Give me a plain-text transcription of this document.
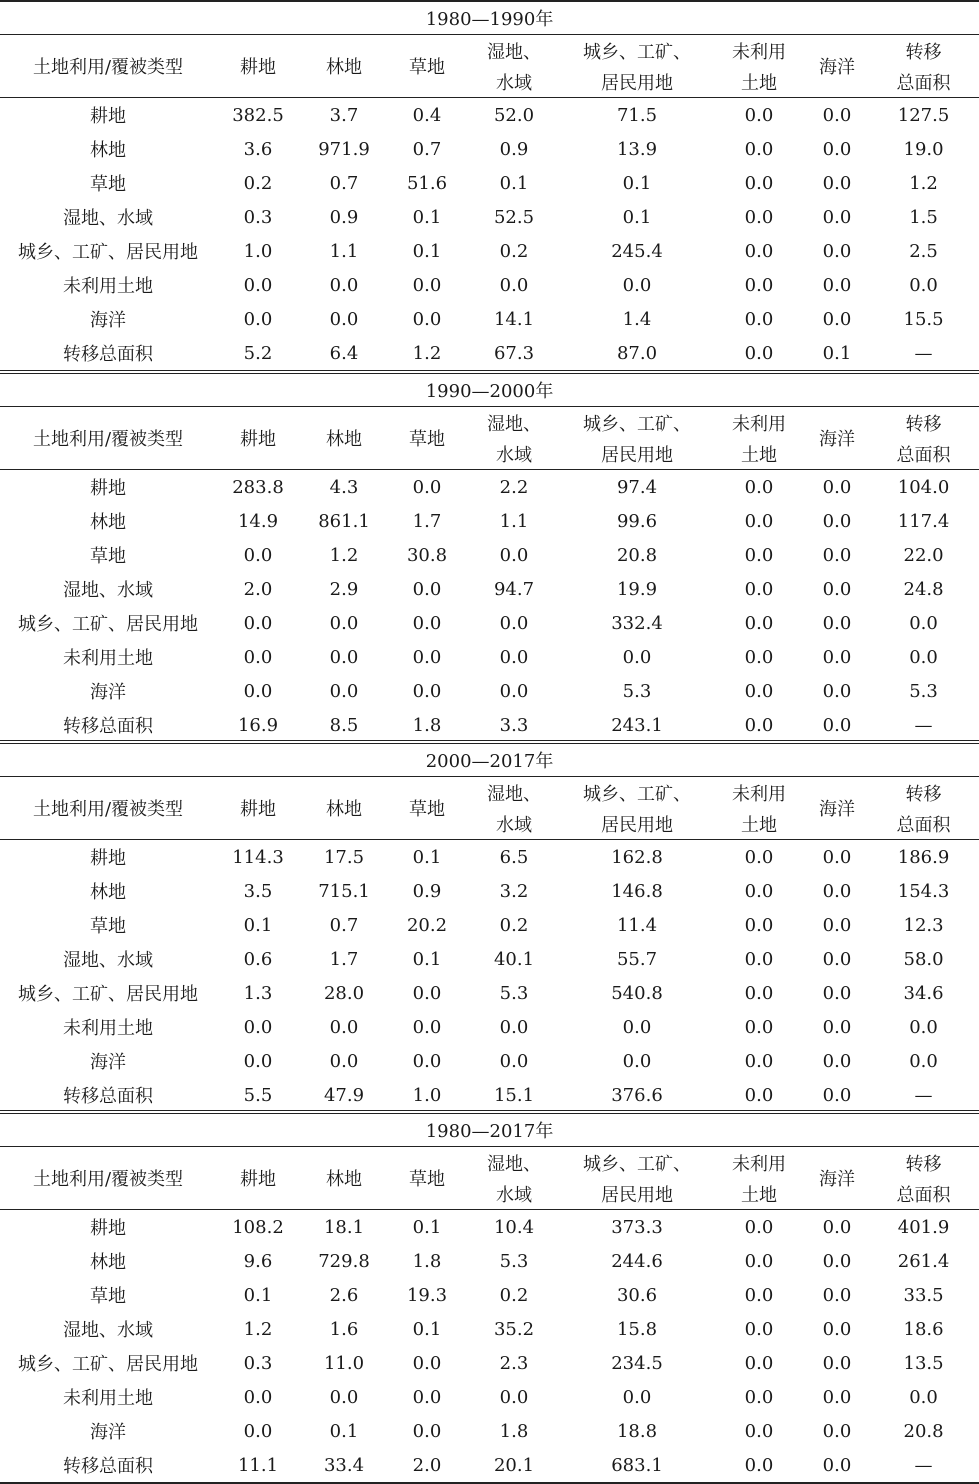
1980—1990年								
土地利用/覆被类型	耕地	林地	草地	湿地、	城乡、工矿、	未利用	海洋	转移
				水域	居民用地	土地		总面积
耕地	382.5	3.7	0.4	52.0	71.5	0.0	0.0	127.5
林地	3.6	971.9	0.7	0.9	13.9	0.0	0.0	19.0
草地	0.2	0.7	51.6	0.1	0.1	0.0	0.0	1.2
湿地、水域	0.3	0.9	0.1	52.5	0.1	0.0	0.0	1.5
城乡、工矿、居民用地	1.0	1.1	0.1	0.2	245.4	0.0	0.0	2.5
未利用土地	0.0	0.0	0.0	0.0	0.0	0.0	0.0	0.0
海洋	0.0	0.0	0.0	14.1	1.4	0.0	0.0	15.5
转移总面积	5.2	6.4	1.2	67.3	87.0	0.0	0.1	—
1990—2000年								
土地利用/覆被类型	耕地	林地	草地	湿地、	城乡、工矿、	未利用	海洋	转移
				水域	居民用地	土地		总面积
耕地	283.8	4.3	0.0	2.2	97.4	0.0	0.0	104.0
林地	14.9	861.1	1.7	1.1	99.6	0.0	0.0	117.4
草地	0.0	1.2	30.8	0.0	20.8	0.0	0.0	22.0
湿地、水域	2.0	2.9	0.0	94.7	19.9	0.0	0.0	24.8
城乡、工矿、居民用地	0.0	0.0	0.0	0.0	332.4	0.0	0.0	0.0
未利用土地	0.0	0.0	0.0	0.0	0.0	0.0	0.0	0.0
海洋	0.0	0.0	0.0	0.0	5.3	0.0	0.0	5.3
转移总面积	16.9	8.5	1.8	3.3	243.1	0.0	0.0	—
2000—2017年								
土地利用/覆被类型	耕地	林地	草地	湿地、	城乡、工矿、	未利用	海洋	转移
				水域	居民用地	土地		总面积
耕地	114.3	17.5	0.1	6.5	162.8	0.0	0.0	186.9
林地	3.5	715.1	0.9	3.2	146.8	0.0	0.0	154.3
草地	0.1	0.7	20.2	0.2	11.4	0.0	0.0	12.3
湿地、水域	0.6	1.7	0.1	40.1	55.7	0.0	0.0	58.0
城乡、工矿、居民用地	1.3	28.0	0.0	5.3	540.8	0.0	0.0	34.6
未利用土地	0.0	0.0	0.0	0.0	0.0	0.0	0.0	0.0
海洋	0.0	0.0	0.0	0.0	0.0	0.0	0.0	0.0
转移总面积	5.5	47.9	1.0	15.1	376.6	0.0	0.0	—
1980—2017年								
土地利用/覆被类型	耕地	林地	草地	湿地、	城乡、工矿、	未利用	海洋	转移
				水域	居民用地	土地		总面积
耕地	108.2	18.1	0.1	10.4	373.3	0.0	0.0	401.9
林地	9.6	729.8	1.8	5.3	244.6	0.0	0.0	261.4
草地	0.1	2.6	19.3	0.2	30.6	0.0	0.0	33.5
湿地、水域	1.2	1.6	0.1	35.2	15.8	0.0	0.0	18.6
城乡、工矿、居民用地	0.3	11.0	0.0	2.3	234.5	0.0	0.0	13.5
未利用土地	0.0	0.0	0.0	0.0	0.0	0.0	0.0	0.0
海洋	0.0	0.1	0.0	1.8	18.8	0.0	0.0	20.8
转移总面积	11.1	33.4	2.0	20.1	683.1	0.0	0.0	—
